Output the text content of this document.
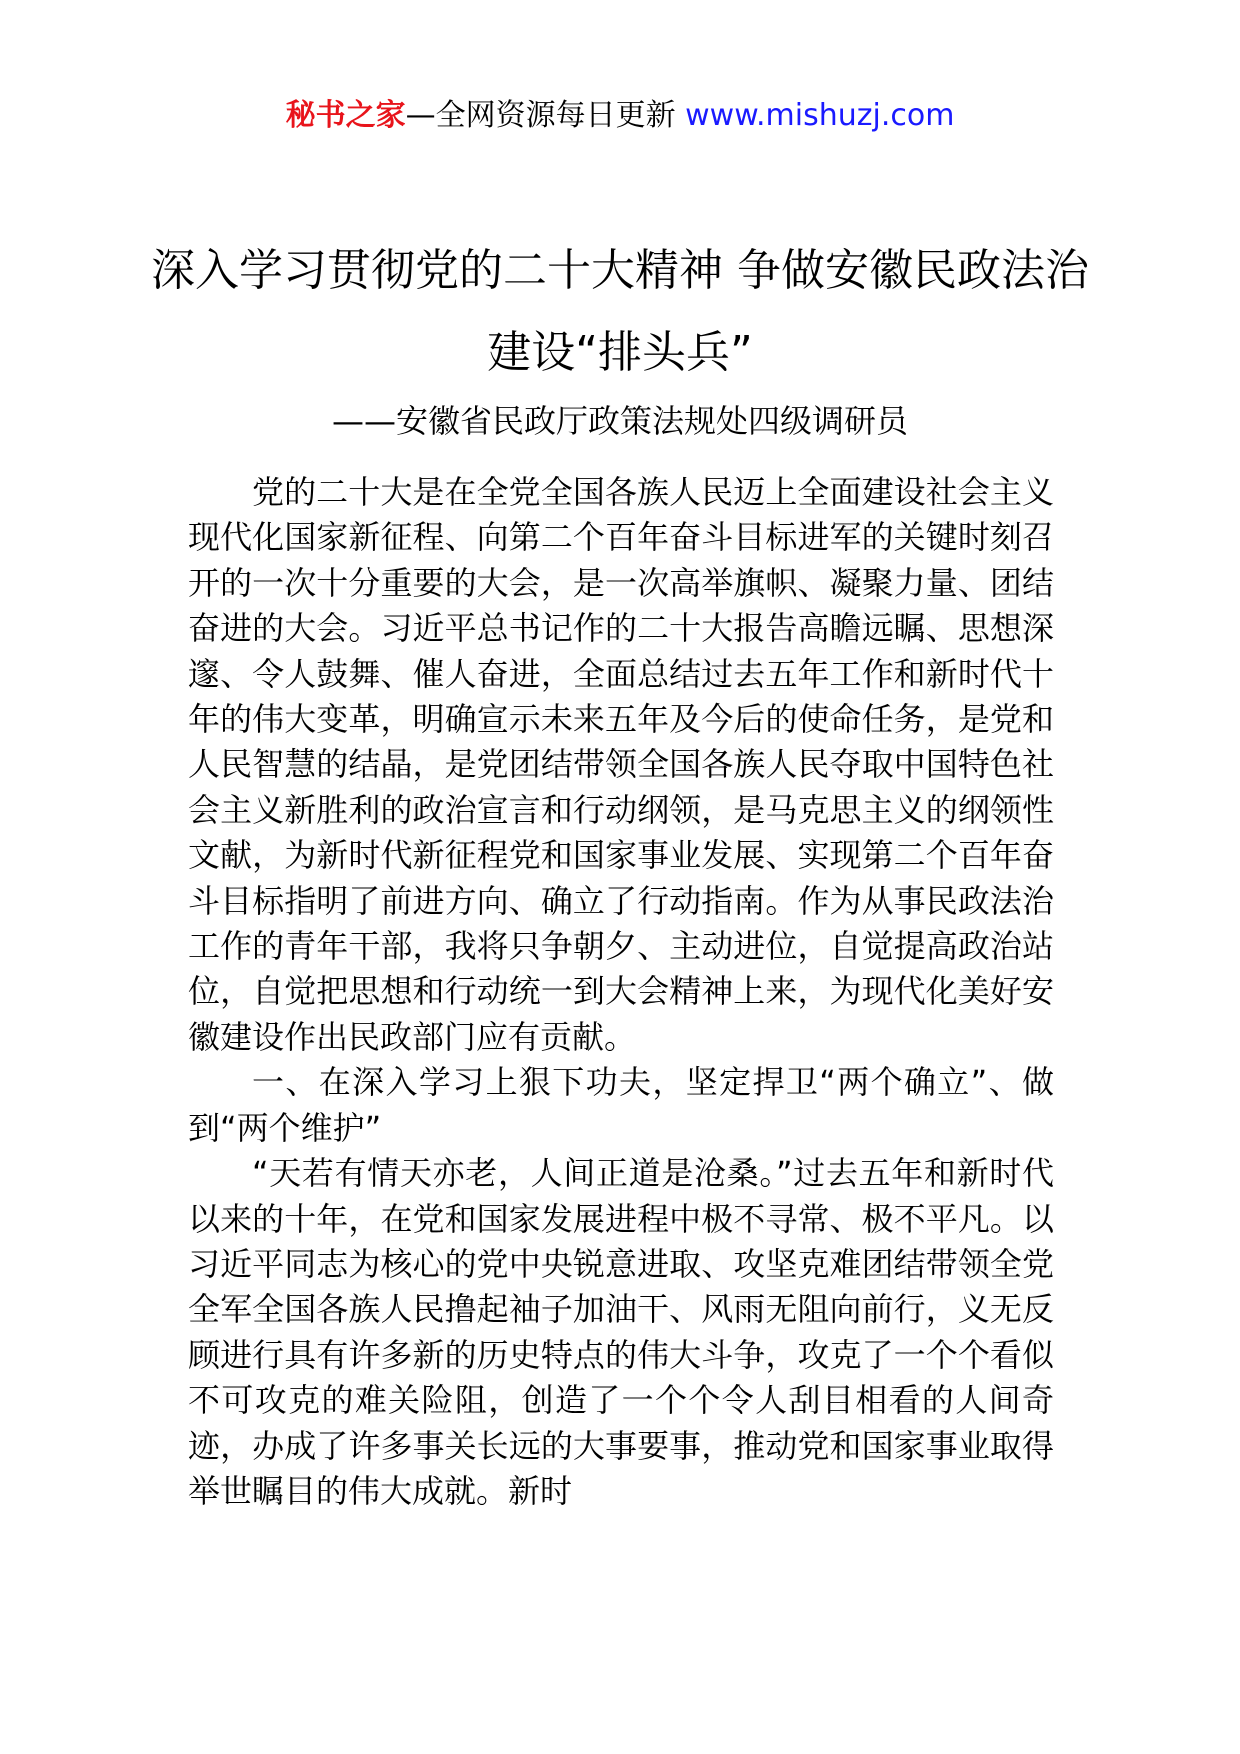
秘书之家—全网资源每日更新 www.mishuzj.com
深入学习贯彻党的二十大精神 争做安徽民政法治建设“排头兵”
——安徽省民政厅政策法规处四级调研员

党的二十大是在全党全国各族人民迈上全面建设社会主义现代化国家新征程、向第二个百年奋斗目标进军的关键时刻召开的一次十分重要的大会，是一次高举旗帜、凝聚力量、团结奋进的大会。习近平总书记作的二十大报告高瞻远瞩、思想深邃、令人鼓舞、催人奋进，全面总结过去五年工作和新时代十年的伟大变革，明确宣示未来五年及今后的使命任务，是党和人民智慧的结晶，是党团结带领全国各族人民夺取中国特色社会主义新胜利的政治宣言和行动纲领，是马克思主义的纲领性文献，为新时代新征程党和国家事业发展、实现第二个百年奋斗目标指明了前进方向、确立了行动指南。作为从事民政法治工作的青年干部，我将只争朝夕、主动进位，自觉提高政治站位，自觉把思想和行动统一到大会精神上来，为现代化美好安徽建设作出民政部门应有贡献。

一、在深入学习上狠下功夫，坚定捍卫“两个确立”、做到“两个维护”

“天若有情天亦老，人间正道是沧桑。”过去五年和新时代以来的十年，在党和国家发展进程中极不寻常、极不平凡。以习近平同志为核心的党中央锐意进取、攻坚克难团结带领全党全军全国各族人民撸起袖子加油干、风雨无阻向前行，义无反顾进行具有许多新的历史特点的伟大斗争，攻克了一个个看似不可攻克的难关险阻，创造了一个个令人刮目相看的人间奇迹，办成了许多事关长远的大事要事，推动党和国家事业取得举世瞩目的伟大成就。新时
